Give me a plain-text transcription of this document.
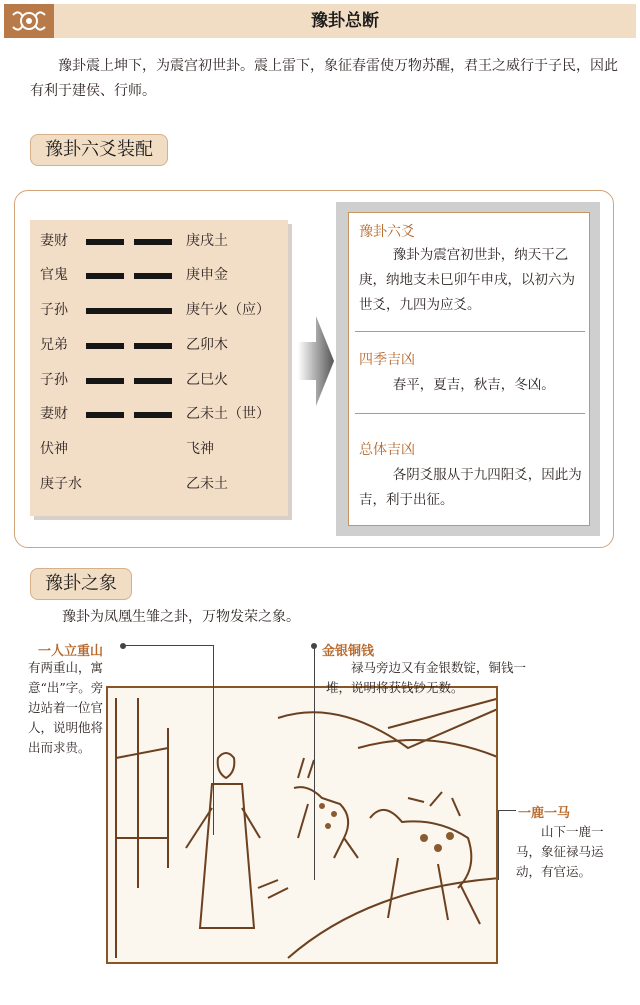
豫卦总断

豫卦震上坤下，为震宫初世卦。震上雷下，象征春雷使万物苏醒，君王之威行于子民，因此有利于建侯、行师。

豫卦六爻装配
妻财	庚戌土
官鬼	庚申金
子孙	庚午火（应）
兄弟	乙卯木
子孙	乙巳火
妻财	乙未土（世）
伏神	飞神
庚子水	乙未土
豫卦六爻
豫卦为震宫初世卦，纳天干乙庚，纳地支未巳卯午申戌，以初六为世爻，九四为应爻。
四季吉凶
春平，夏吉，秋吉，冬凶。
总体吉凶
各阴爻服从于九四阳爻，因此为吉，利于出征。
豫卦之象

豫卦为凤凰生雏之卦，万物发荣之象。

一人立重山
有两重山，寓意“出”字。旁边站着一位官人，说明他将出而求贵。
金银铜钱
禄马旁边又有金银数锭，铜钱一堆，说明将获钱钞无数。
一鹿一马
山下一鹿一马，象征禄马运动，有官运。
